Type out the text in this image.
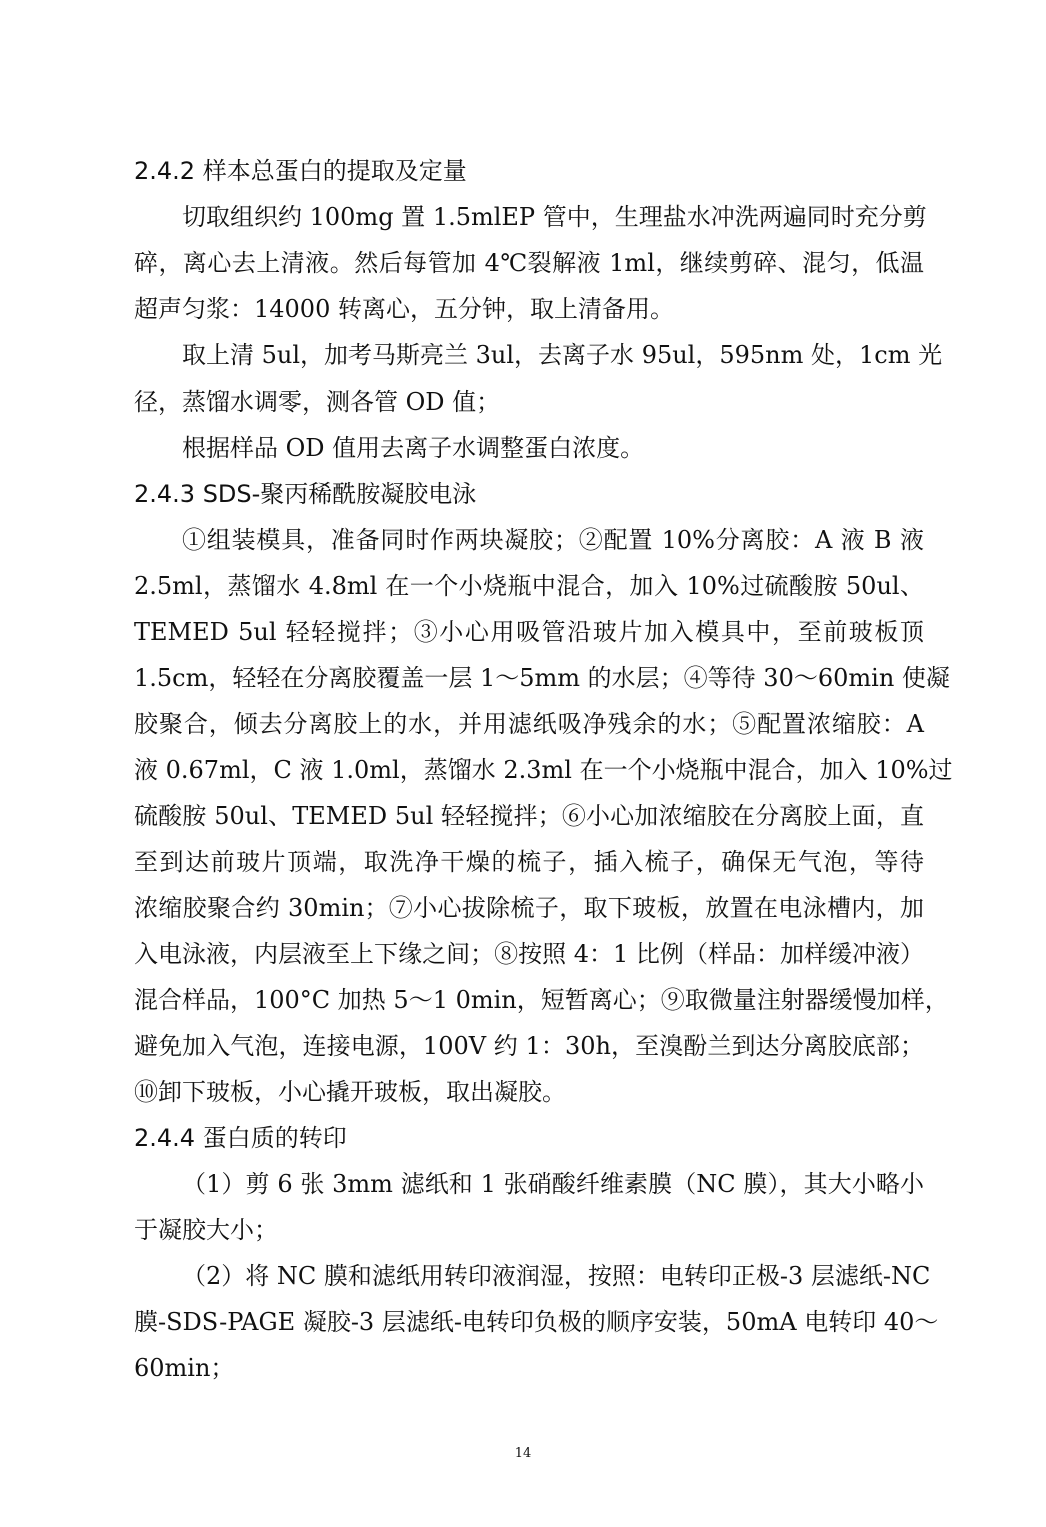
2.4.2 样本总蛋白的提取及定量
切取组织约 100mg 置 1.5mlEP 管中，生理盐水冲洗两遍同时充分剪
碎，离心去上清液。然后每管加 4℃裂解液 1ml，继续剪碎、混匀，低温
超声匀浆：14000 转离心，五分钟，取上清备用。
取上清 5ul，加考马斯亮兰 3ul，去离子水 95ul，595nm 处，1cm 光
径，蒸馏水调零，测各管 OD 值；
根据样品 OD 值用去离子水调整蛋白浓度。
2.4.3 SDS-聚丙稀酰胺凝胶电泳
①组装模具，准备同时作两块凝胶；②配置 10%分离胶：A 液 B 液
2.5ml，蒸馏水 4.8ml 在一个小烧瓶中混合，加入 10%过硫酸胺 50ul、
TEMED 5ul 轻轻搅拌；③小心用吸管沿玻片加入模具中，至前玻板顶
1.5cm，轻轻在分离胶覆盖一层 1～5mm 的水层；④等待 30～60min 使凝
胶聚合，倾去分离胶上的水，并用滤纸吸净残余的水；⑤配置浓缩胶：A
液 0.67ml，C 液 1.0ml，蒸馏水 2.3ml 在一个小烧瓶中混合，加入 10%过
硫酸胺 50ul、TEMED 5ul 轻轻搅拌；⑥小心加浓缩胶在分离胶上面，直
至到达前玻片顶端，取洗净干燥的梳子，插入梳子，确保无气泡，等待
浓缩胶聚合约 30min；⑦小心拔除梳子，取下玻板，放置在电泳槽内，加
入电泳液，内层液至上下缘之间；⑧按照 4：1 比例（样品：加样缓冲液）
混合样品，100°C 加热 5～1 0min，短暂离心；⑨取微量注射器缓慢加样，
避免加入气泡，连接电源，100V 约 1：30h，至溴酚兰到达分离胶底部；
⑩卸下玻板，小心撬开玻板，取出凝胶。
2.4.4 蛋白质的转印
（1）剪 6 张 3mm 滤纸和 1 张硝酸纤维素膜（NC 膜），其大小略小
于凝胶大小；
（2）将 NC 膜和滤纸用转印液润湿，按照：电转印正极-3 层滤纸-NC
膜-SDS-PAGE 凝胶-3 层滤纸-电转印负极的顺序安装，50mA 电转印 40～
60min；
14
